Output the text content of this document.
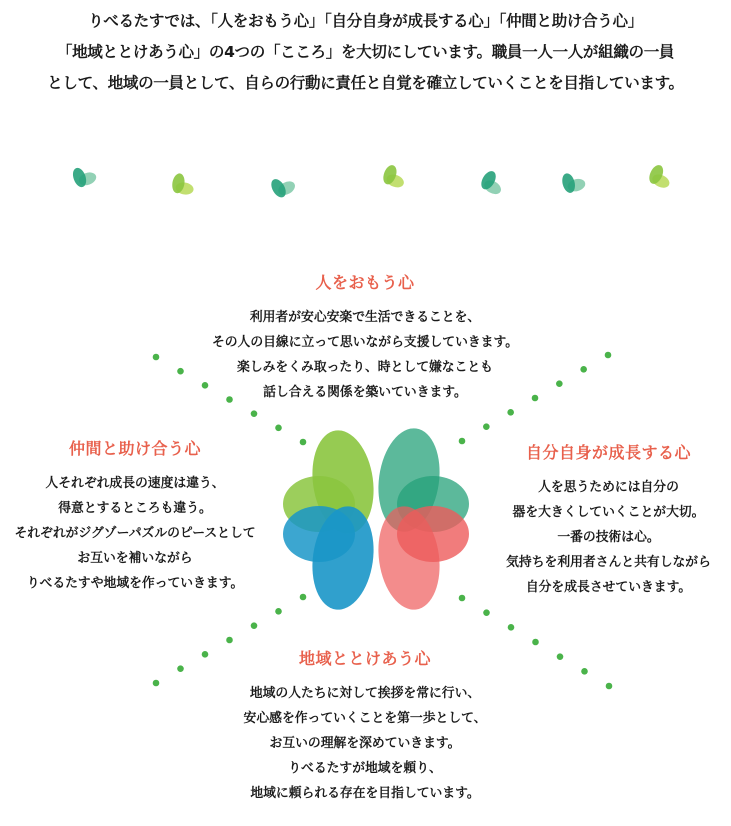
りべるたすでは、「人をおもう心」「自分自身が成長する心」「仲間と助け合う心」
「地域ととけあう心」の4つの「こころ」を大切にしています。職員一人一人が組織の一員
として、地域の一員として、自らの行動に責任と自覚を確立していくことを目指しています。
人をおもう心
利用者が安心安楽で生活できることを、
その人の目線に立って思いながら支援していきます。
楽しみをくみ取ったり、時として嫌なことも
話し合える関係を築いていきます。
仲間と助け合う心
人それぞれ成長の速度は違う、
得意とするところも違う。
それぞれがジグゾーパズルのピースとして
お互いを補いながら
りべるたすや地域を作っていきます。
自分自身が成長する心
人を思うためには自分の
器を大きくしていくことが大切。
一番の技術は心。
気持ちを利用者さんと共有しながら
自分を成長させていきます。
地域ととけあう心
地域の人たちに対して挨拶を常に行い、
安心感を作っていくことを第一歩として、
お互いの理解を深めていきます。
りべるたすが地域を頼り、
地域に頼られる存在を目指しています。
